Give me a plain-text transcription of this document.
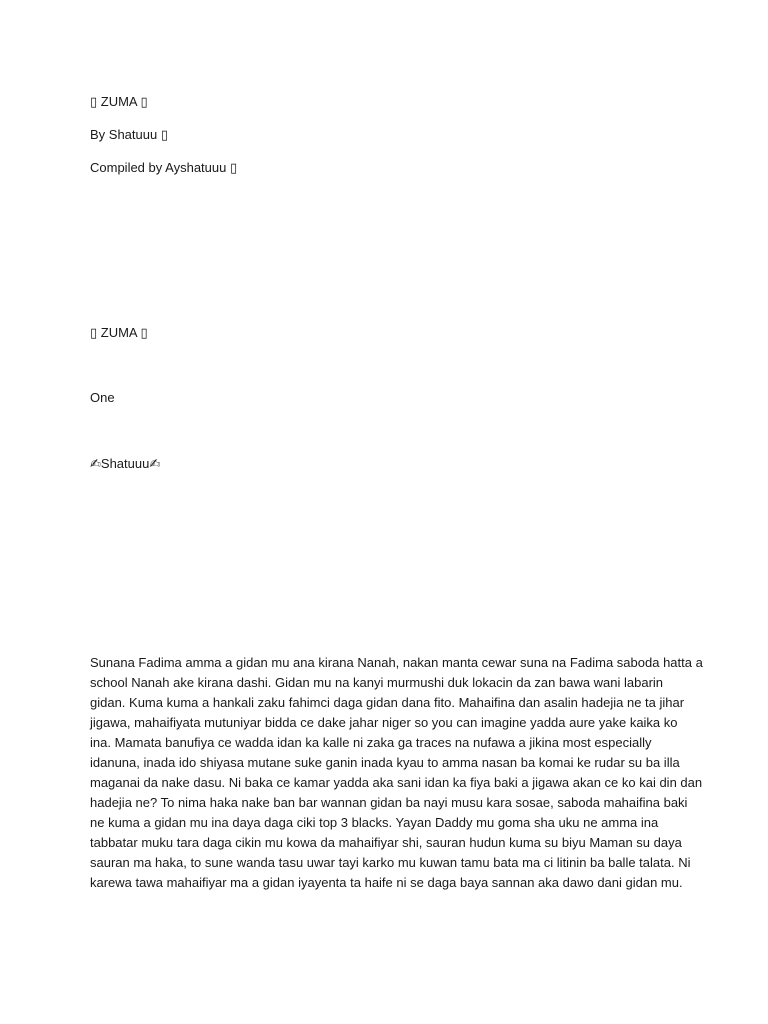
▯ ZUMA ▯
By Shatuuu ▯
Compiled by Ayshatuuu ▯
▯ ZUMA ▯
One
✍Shatuuu✍
Sunana Fadima amma a gidan mu ana kirana Nanah, nakan manta cewar suna na Fadima saboda hatta a
school Nanah ake kirana dashi. Gidan mu na kanyi murmushi duk lokacin da zan bawa wani labarin
gidan. Kuma kuma a hankali zaku fahimci daga gidan dana fito. Mahaifina dan asalin hadejia ne ta jihar
jigawa, mahaifiyata mutuniyar bidda ce dake jahar niger so you can imagine yadda aure yake kaika ko
ina. Mamata banufiya ce wadda idan ka kalle ni zaka ga traces na nufawa a jikina most especially
idanuna, inada ido shiyasa mutane suke ganin inada kyau to amma nasan ba komai ke rudar su ba illa
maganai da nake dasu. Ni baka ce kamar yadda aka sani idan ka fiya baki a jigawa akan ce ko kai din dan
hadejia ne? To nima haka nake ban bar wannan gidan ba nayi musu kara sosae, saboda mahaifina baki
ne kuma a gidan mu ina daya daga ciki top 3 blacks. Yayan Daddy mu goma sha uku ne amma ina
tabbatar muku tara daga cikin mu kowa da mahaifiyar shi, sauran hudun kuma su biyu Maman su daya
sauran ma haka, to sune wanda tasu uwar tayi karko mu kuwan tamu bata ma ci litinin ba balle talata. Ni
karewa tawa mahaifiyar ma a gidan iyayenta ta haife ni se daga baya sannan aka dawo dani gidan mu.
